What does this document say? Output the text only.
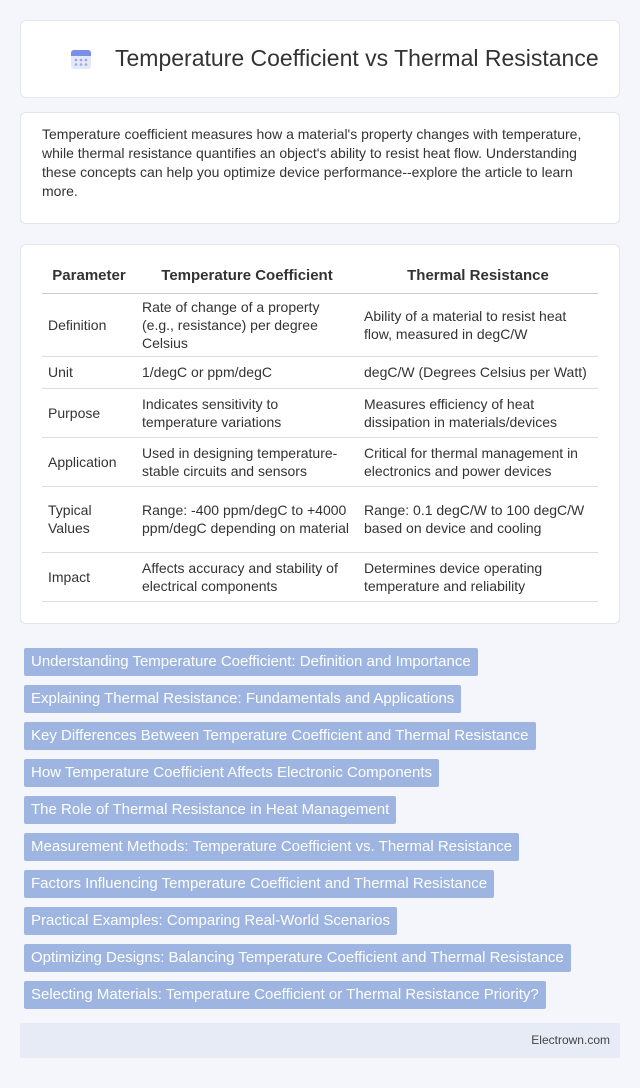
Temperature Coefficient vs Thermal Resistance

Temperature coefficient measures how a material's property changes with temperature, while thermal resistance quantifies an object's ability to resist heat flow. Understanding these concepts can help you optimize device performance--explore the article to learn more.

Parameter	Temperature Coefficient	Thermal Resistance
Definition	Rate of change of a property (e.g., resistance) per degree Celsius	Ability of a material to resist heat flow, measured in degC/W
Unit	1/degC or ppm/degC	degC/W (Degrees Celsius per Watt)
Purpose	Indicates sensitivity to temperature variations	Measures efficiency of heat dissipation in materials/devices
Application	Used in designing temperature-stable circuits and sensors	Critical for thermal management in electronics and power devices
Typical Values	Range: -400 ppm/degC to +4000 ppm/degC depending on material	Range: 0.1 degC/W to 100 degC/W based on device and cooling
Impact	Affects accuracy and stability of electrical components	Determines device operating temperature and reliability
Understanding Temperature Coefficient: Definition and Importance
Explaining Thermal Resistance: Fundamentals and Applications
Key Differences Between Temperature Coefficient and Thermal Resistance
How Temperature Coefficient Affects Electronic Components
The Role of Thermal Resistance in Heat Management
Measurement Methods: Temperature Coefficient vs. Thermal Resistance
Factors Influencing Temperature Coefficient and Thermal Resistance
Practical Examples: Comparing Real-World Scenarios
Optimizing Designs: Balancing Temperature Coefficient and Thermal Resistance
Selecting Materials: Temperature Coefficient or Thermal Resistance Priority?
Electrown.com
